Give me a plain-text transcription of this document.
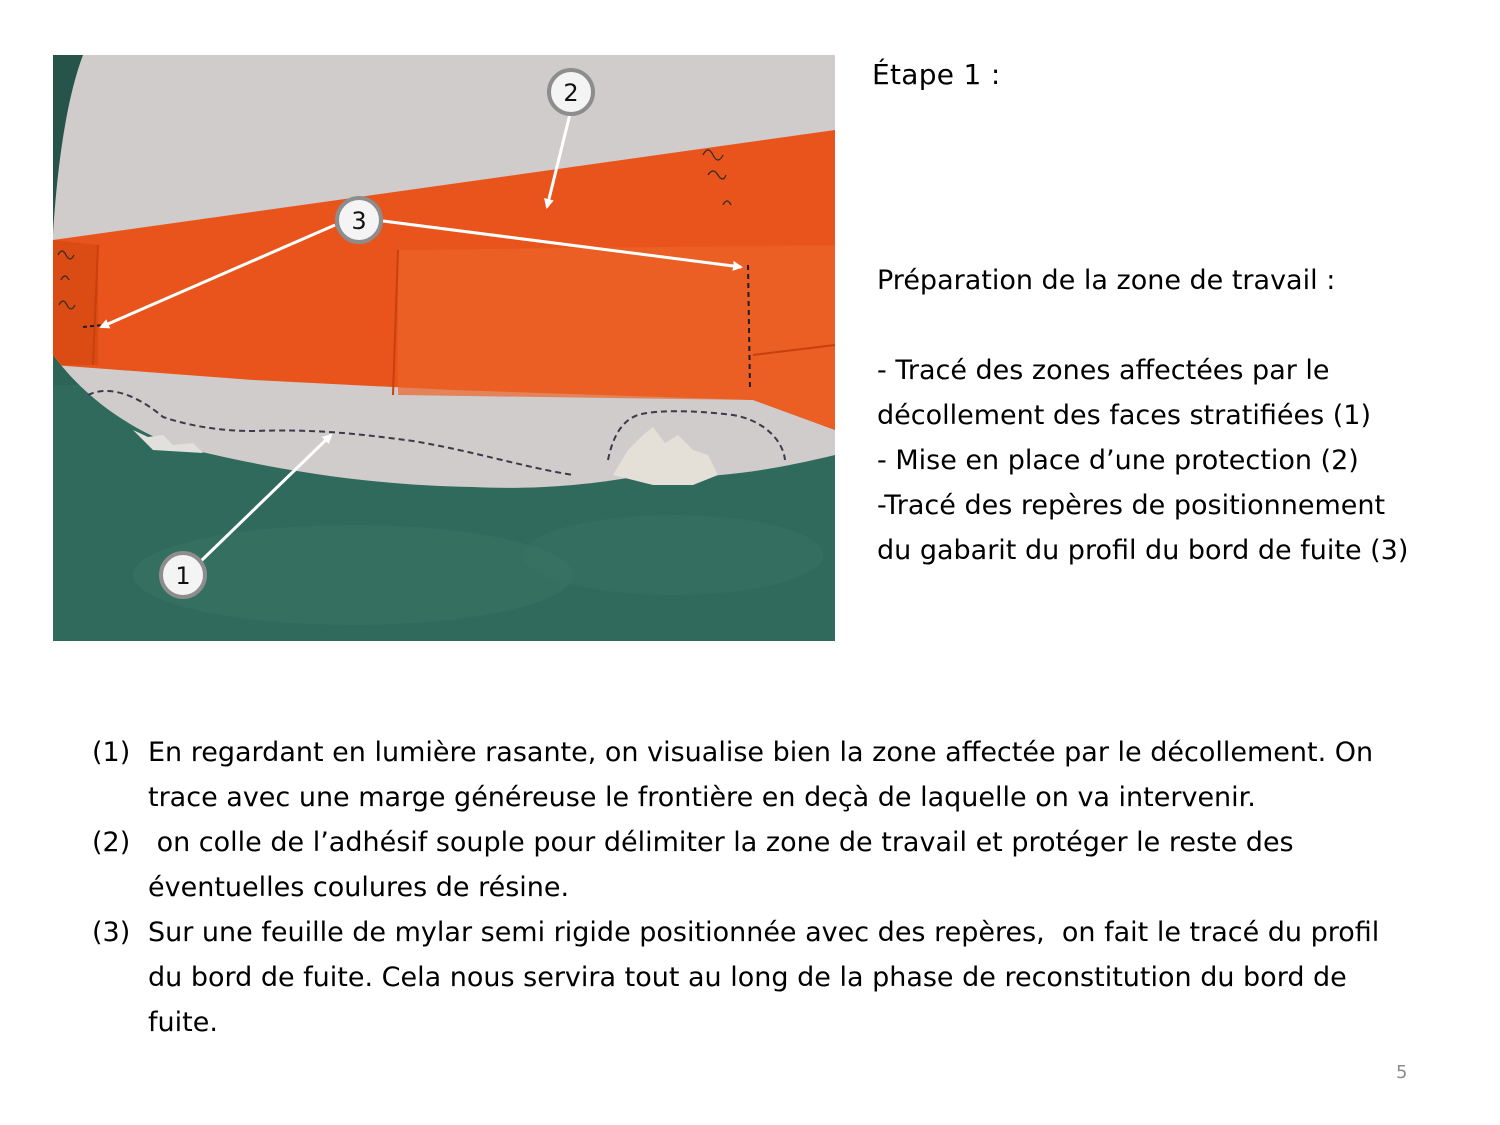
2
3
1
Étape 1 :

Préparation de la zone de travail :

- Tracé des zones affectées par le

décollement des faces stratifiées (1)

- Mise en place d’une protection (2)

-Tracé des repères de positionnement

du gabarit du profil du bord de fuite (3)

(1) En regardant en lumière rasante, on visualise bien la zone affectée par le décollement. On trace avec une marge généreuse le frontière en deçà de laquelle on va intervenir.
(2) on colle de l’adhésif souple pour délimiter la zone de travail et protéger le reste des éventuelles coulures de résine.
(3) Sur une feuille de mylar semi rigide positionnée avec des repères,  on fait le tracé du profil du bord de fuite. Cela nous servira tout au long de la phase de reconstitution du bord de fuite.
5
